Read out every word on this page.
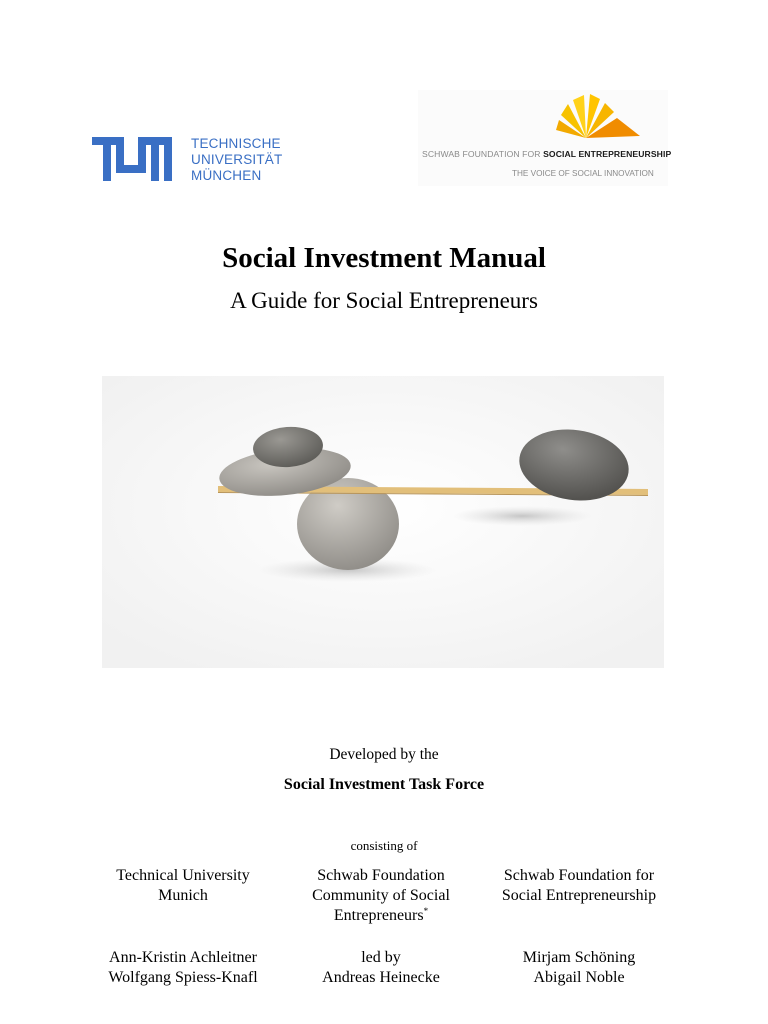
TECHNISCHE
UNIVERSITÄT
MÜNCHEN
SCHWAB FOUNDATION FOR SOCIAL ENTREPRENEURSHIP
THE VOICE OF SOCIAL INNOVATION
Social Investment Manual
A Guide for Social Entrepreneurs
Developed by the
Social Investment Task Force
consisting of
Technical University
Munich
Schwab Foundation
Community of Social
Entrepreneurs*
Schwab Foundation for
Social Entrepreneurship
Ann-Kristin Achleitner
Wolfgang Spiess-Knafl
led by
Andreas Heinecke
Mirjam Schöning
Abigail Noble
